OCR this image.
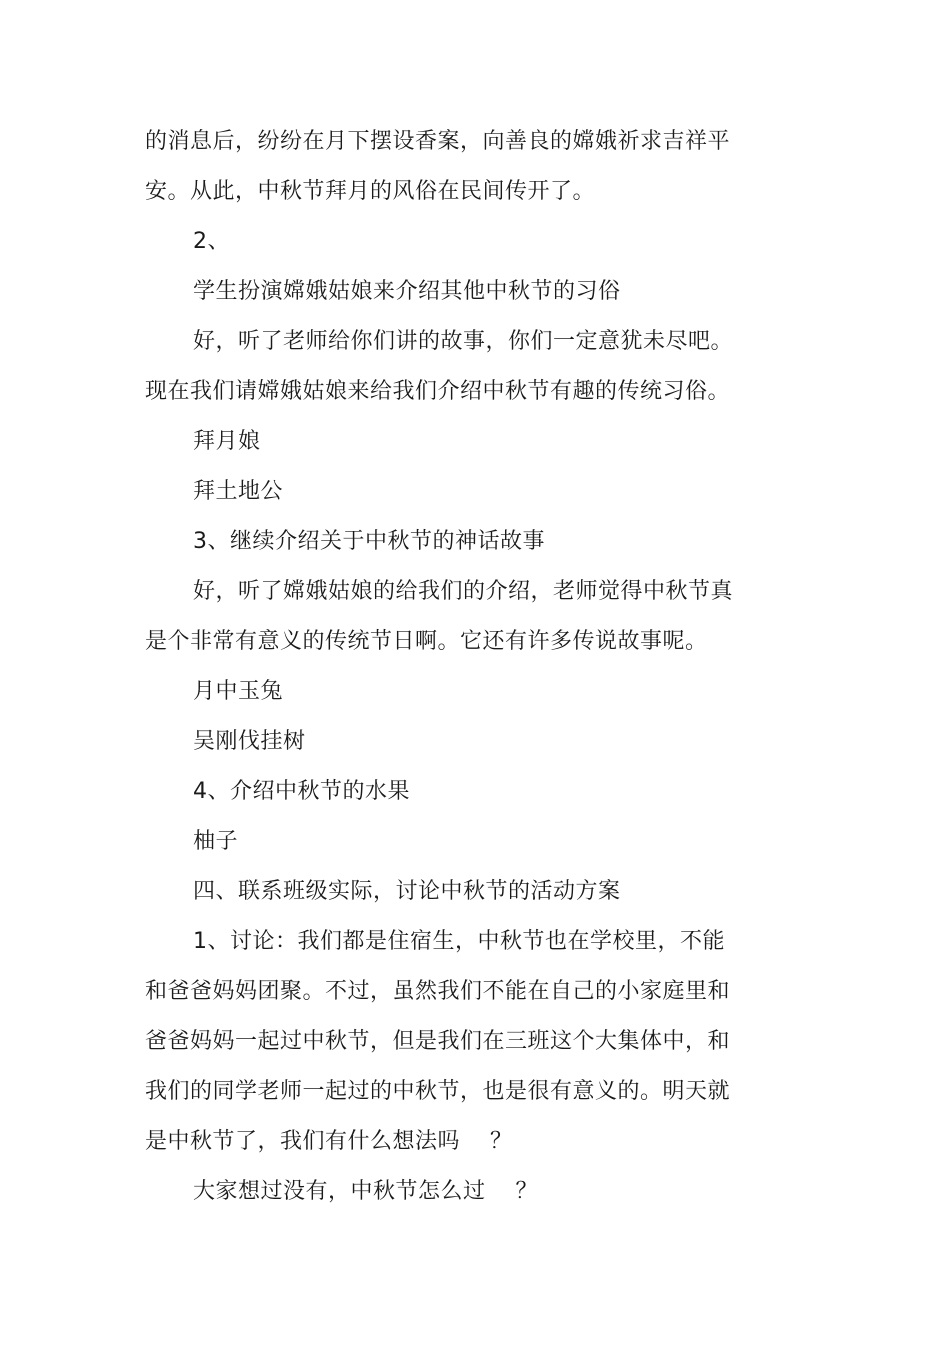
的消息后，纷纷在月下摆设香案，向善良的嫦娥祈求吉祥平
安。从此，中秋节拜月的风俗在民间传开了。
2、
学生扮演嫦娥姑娘来介绍其他中秋节的习俗
好，听了老师给你们讲的故事，你们一定意犹未尽吧。
现在我们请嫦娥姑娘来给我们介绍中秋节有趣的传统习俗。
拜月娘
拜土地公
3、继续介绍关于中秋节的神话故事
好，听了嫦娥姑娘的给我们的介绍，老师觉得中秋节真
是个非常有意义的传统节日啊。它还有许多传说故事呢。
月中玉兔
吴刚伐挂树
4、介绍中秋节的水果
柚子
四、联系班级实际，讨论中秋节的活动方案
1、讨论：我们都是住宿生，中秋节也在学校里，不能
和爸爸妈妈团聚。不过，虽然我们不能在自己的小家庭里和
爸爸妈妈一起过中秋节，但是我们在三班这个大集体中，和
我们的同学老师一起过的中秋节，也是很有意义的。明天就
是中秋节了，我们有什么想法吗　 ？
大家想过没有，中秋节怎么过　 ？
